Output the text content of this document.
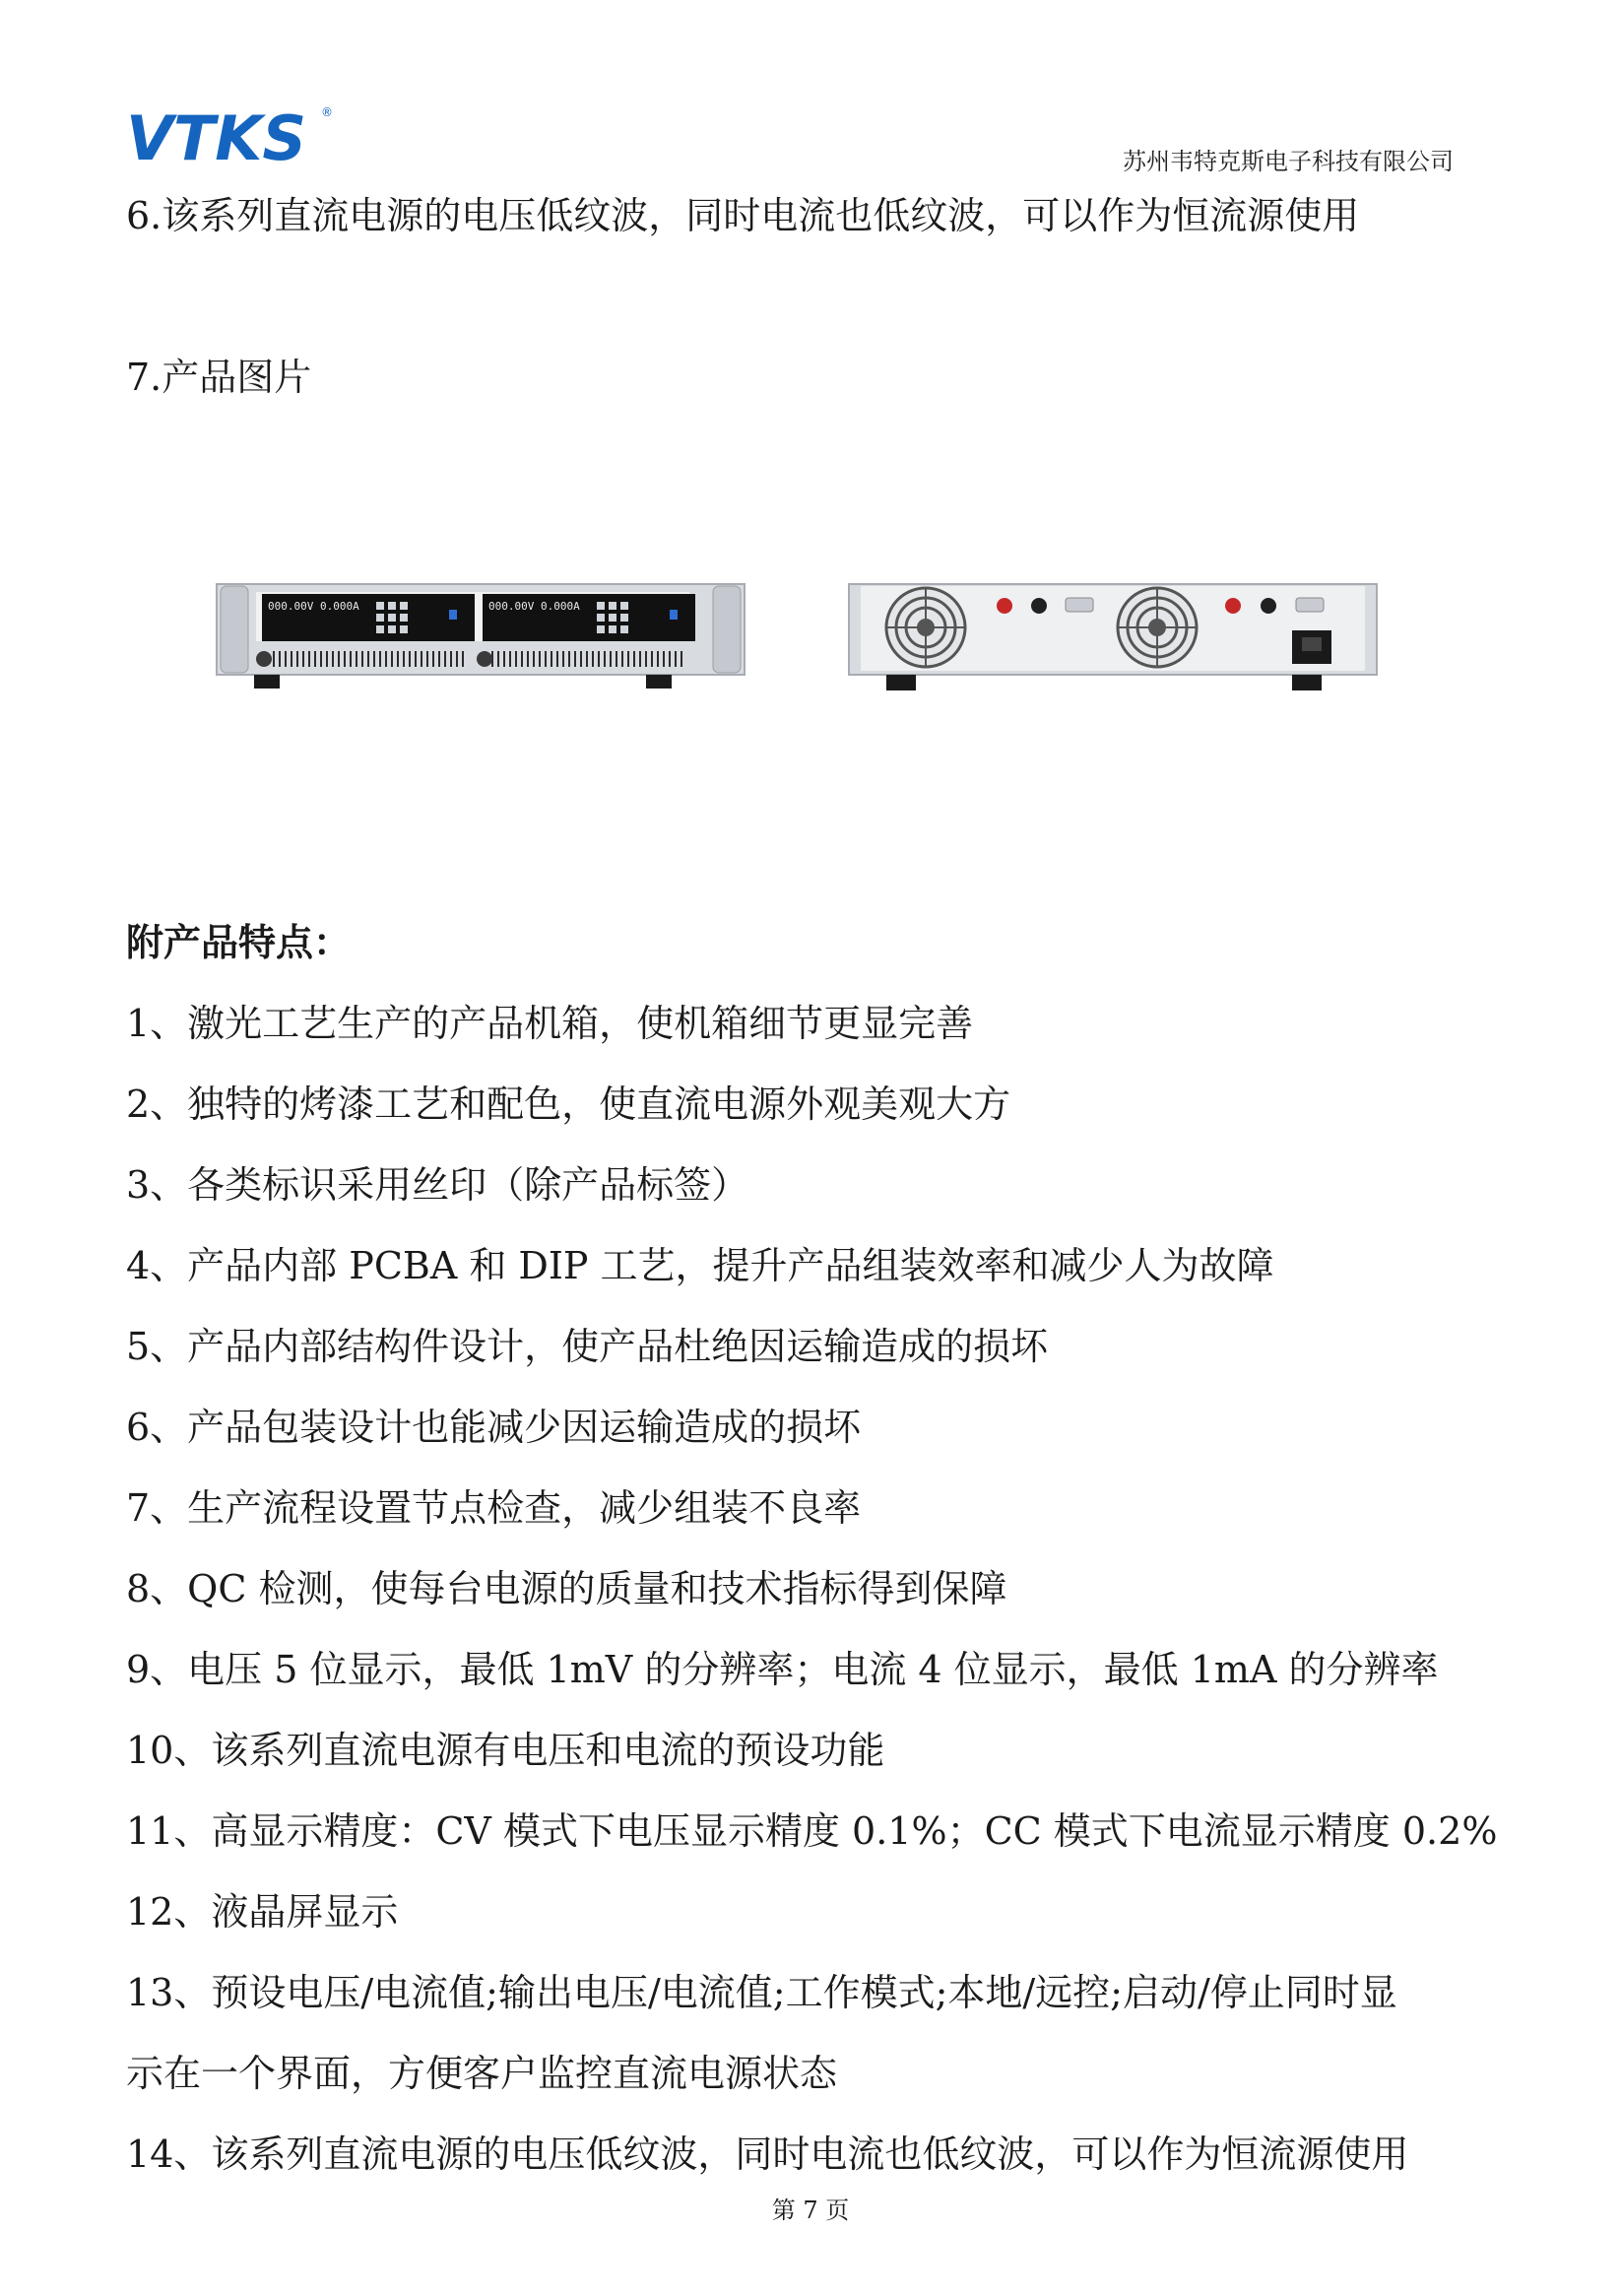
VTKS ®
苏州韦特克斯电子科技有限公司
6.该系列直流电源的电压低纹波，同时电流也低纹波，可以作为恒流源使用
7.产品图片
000.00V 0.000A	000.00V 0.000A
附产品特点：
1、激光工艺生产的产品机箱，使机箱细节更显完善
2、独特的烤漆工艺和配色，使直流电源外观美观大方
3、各类标识采用丝印（除产品标签）
4、产品内部 PCBA 和 DIP 工艺，提升产品组装效率和减少人为故障
5、产品内部结构件设计，使产品杜绝因运输造成的损坏
6、产品包装设计也能减少因运输造成的损坏
7、生产流程设置节点检查，减少组装不良率
8、QC 检测，使每台电源的质量和技术指标得到保障
9、电压 5 位显示，最低 1mV 的分辨率；电流 4 位显示，最低 1mA 的分辨率
10、该系列直流电源有电压和电流的预设功能
11、高显示精度：CV 模式下电压显示精度 0.1%；CC 模式下电流显示精度 0.2%
12、液晶屏显示
13、预设电压/电流值;输出电压/电流值;工作模式;本地/远控;启动/停止同时显
示在一个界面，方便客户监控直流电源状态
14、该系列直流电源的电压低纹波，同时电流也低纹波，可以作为恒流源使用
第 7 页
